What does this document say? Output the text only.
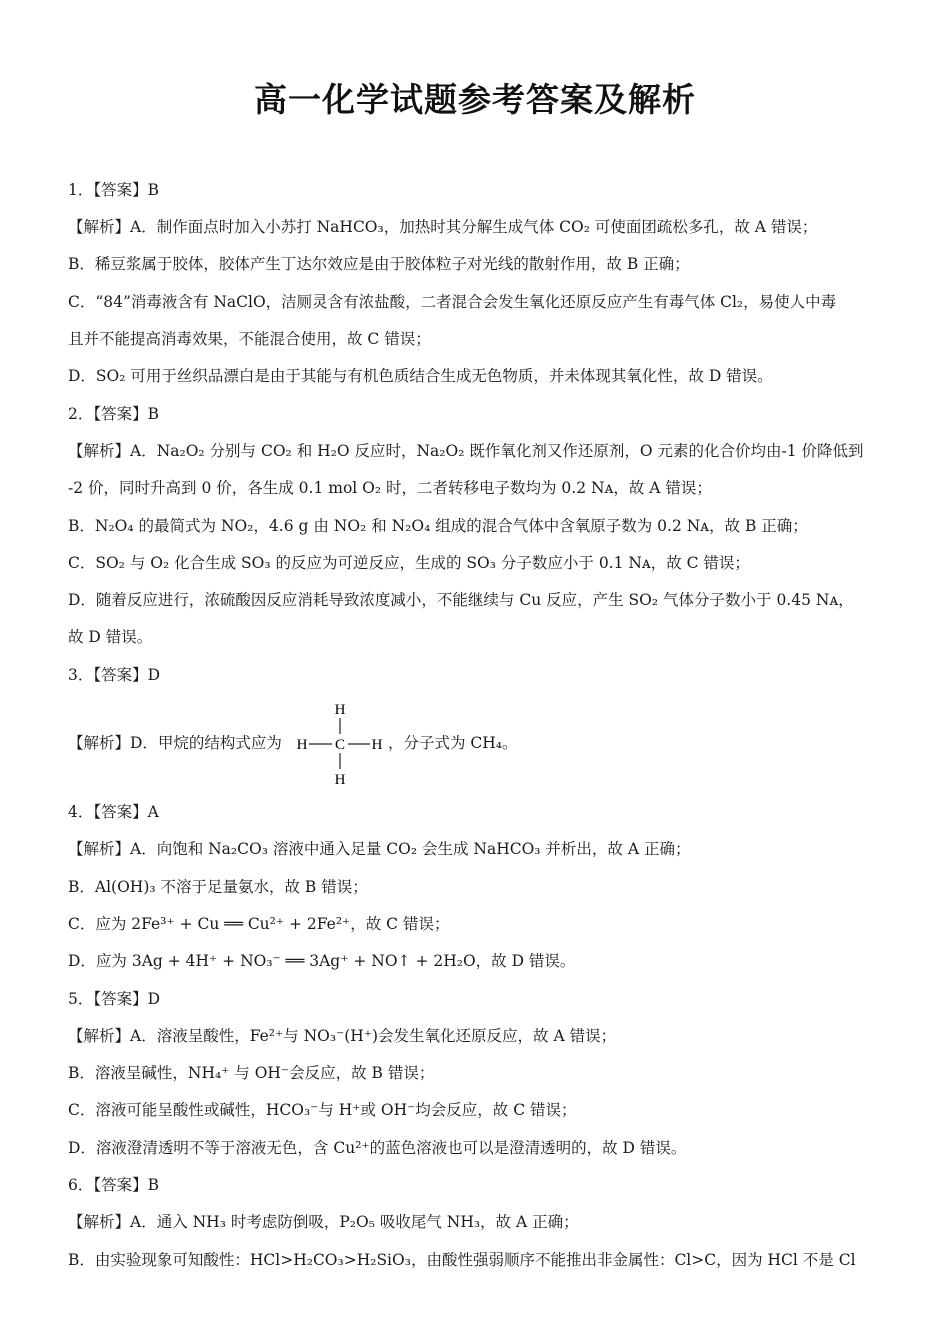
高一化学试题参考答案及解析
1．【答案】B
【解析】A．制作面点时加入小苏打 NaHCO₃，加热时其分解生成气体 CO₂ 可使面团疏松多孔，故 A 错误；
B．稀豆浆属于胶体，胶体产生丁达尔效应是由于胶体粒子对光线的散射作用，故 B 正确；
C．“84”消毒液含有 NaClO，洁厕灵含有浓盐酸，二者混合会发生氧化还原反应产生有毒气体 Cl₂，易使人中毒
且并不能提高消毒效果，不能混合使用，故 C 错误；
D．SO₂ 可用于丝织品漂白是由于其能与有机色质结合生成无色物质，并未体现其氧化性，故 D 错误。
2．【答案】B
【解析】A．Na₂O₂ 分别与 CO₂ 和 H₂O 反应时，Na₂O₂ 既作氧化剂又作还原剂，O 元素的化合价均由-1 价降低到
-2 价，同时升高到 0 价，各生成 0.1 mol O₂ 时，二者转移电子数均为 0.2 Nᴀ，故 A 错误；
B．N₂O₄ 的最简式为 NO₂，4.6 g 由 NO₂ 和 N₂O₄ 组成的混合气体中含氧原子数为 0.2 Nᴀ，故 B 正确；
C．SO₂ 与 O₂ 化合生成 SO₃ 的反应为可逆反应，生成的 SO₃ 分子数应小于 0.1 Nᴀ，故 C 错误；
D．随着反应进行，浓硫酸因反应消耗导致浓度减小，不能继续与 Cu 反应，产生 SO₂ 气体分子数小于 0.45 Nᴀ，
故 D 错误。
3．【答案】D
【解析】D．甲烷的结构式应为
H
H C H
H
，分子式为 CH₄。
4．【答案】A
【解析】A．向饱和 Na₂CO₃ 溶液中通入足量 CO₂ 会生成 NaHCO₃ 并析出，故 A 正确；
B．Al(OH)₃ 不溶于足量氨水，故 B 错误；
C．应为 2Fe³⁺ + Cu ══ Cu²⁺ + 2Fe²⁺，故 C 错误；
D．应为 3Ag + 4H⁺ + NO₃⁻ ══ 3Ag⁺ + NO↑ + 2H₂O，故 D 错误。
5．【答案】D
【解析】A．溶液呈酸性，Fe²⁺与 NO₃⁻(H⁺)会发生氧化还原反应，故 A 错误；
B．溶液呈碱性，NH₄⁺ 与 OH⁻会反应，故 B 错误；
C．溶液可能呈酸性或碱性，HCO₃⁻与 H⁺或 OH⁻均会反应，故 C 错误；
D．溶液澄清透明不等于溶液无色，含 Cu²⁺的蓝色溶液也可以是澄清透明的，故 D 错误。
6．【答案】B
【解析】A．通入 NH₃ 时考虑防倒吸，P₂O₅ 吸收尾气 NH₃，故 A 正确；
B．由实验现象可知酸性：HCl>H₂CO₃>H₂SiO₃，由酸性强弱顺序不能推出非金属性：Cl>C，因为 HCl 不是 Cl
